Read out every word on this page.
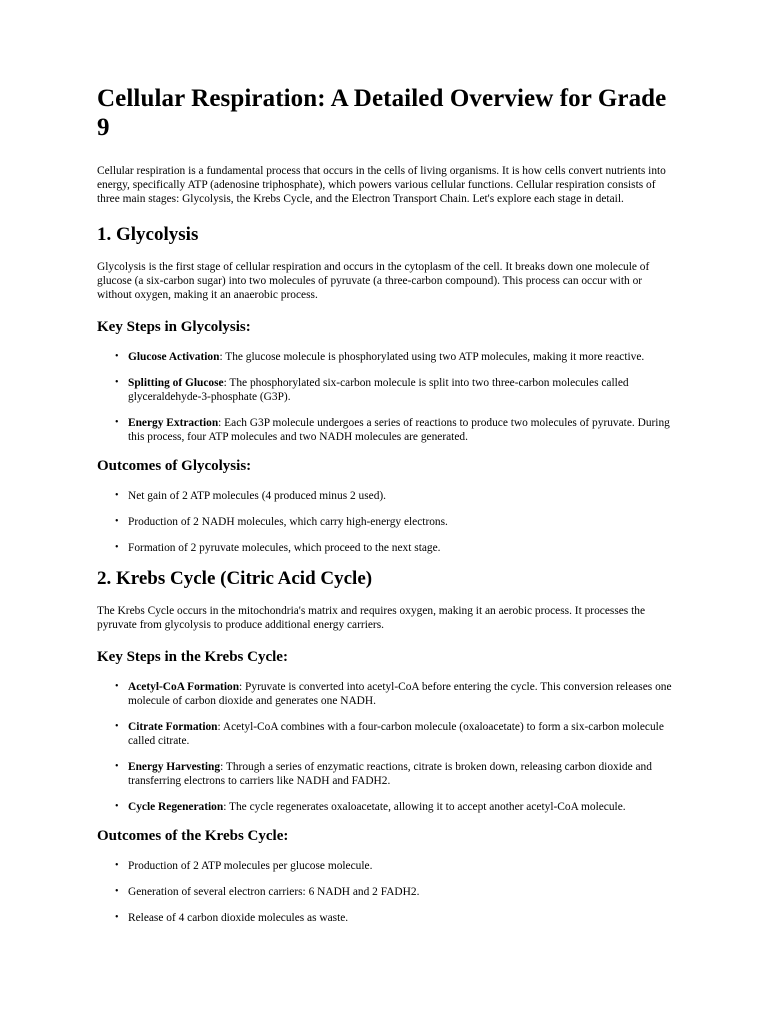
Cellular Respiration: A Detailed Overview for Grade 9

Cellular respiration is a fundamental process that occurs in the cells of living organisms. It is how cells convert nutrients into energy, specifically ATP (adenosine triphosphate), which powers various cellular functions. Cellular respiration consists of three main stages: Glycolysis, the Krebs Cycle, and the Electron Transport Chain. Let's explore each stage in detail.

1. Glycolysis

Glycolysis is the first stage of cellular respiration and occurs in the cytoplasm of the cell. It breaks down one molecule of glucose (a six-carbon sugar) into two molecules of pyruvate (a three-carbon compound). This process can occur with or without oxygen, making it an anaerobic process.

Key Steps in Glycolysis:
• Glucose Activation: The glucose molecule is phosphorylated using two ATP molecules, making it more reactive.
• Splitting of Glucose: The phosphorylated six-carbon molecule is split into two three-carbon molecules called glyceraldehyde-3-phosphate (G3P).
• Energy Extraction: Each G3P molecule undergoes a series of reactions to produce two molecules of pyruvate. During this process, four ATP molecules and two NADH molecules are generated.
Outcomes of Glycolysis:
• Net gain of 2 ATP molecules (4 produced minus 2 used).
• Production of 2 NADH molecules, which carry high-energy electrons.
• Formation of 2 pyruvate molecules, which proceed to the next stage.
2. Krebs Cycle (Citric Acid Cycle)

The Krebs Cycle occurs in the mitochondria's matrix and requires oxygen, making it an aerobic process. It processes the pyruvate from glycolysis to produce additional energy carriers.

Key Steps in the Krebs Cycle:
• Acetyl-CoA Formation: Pyruvate is converted into acetyl-CoA before entering the cycle. This conversion releases one molecule of carbon dioxide and generates one NADH.
• Citrate Formation: Acetyl-CoA combines with a four-carbon molecule (oxaloacetate) to form a six-carbon molecule called citrate.
• Energy Harvesting: Through a series of enzymatic reactions, citrate is broken down, releasing carbon dioxide and transferring electrons to carriers like NADH and FADH2.
• Cycle Regeneration: The cycle regenerates oxaloacetate, allowing it to accept another acetyl-CoA molecule.
Outcomes of the Krebs Cycle:
• Production of 2 ATP molecules per glucose molecule.
• Generation of several electron carriers: 6 NADH and 2 FADH2.
• Release of 4 carbon dioxide molecules as waste.
